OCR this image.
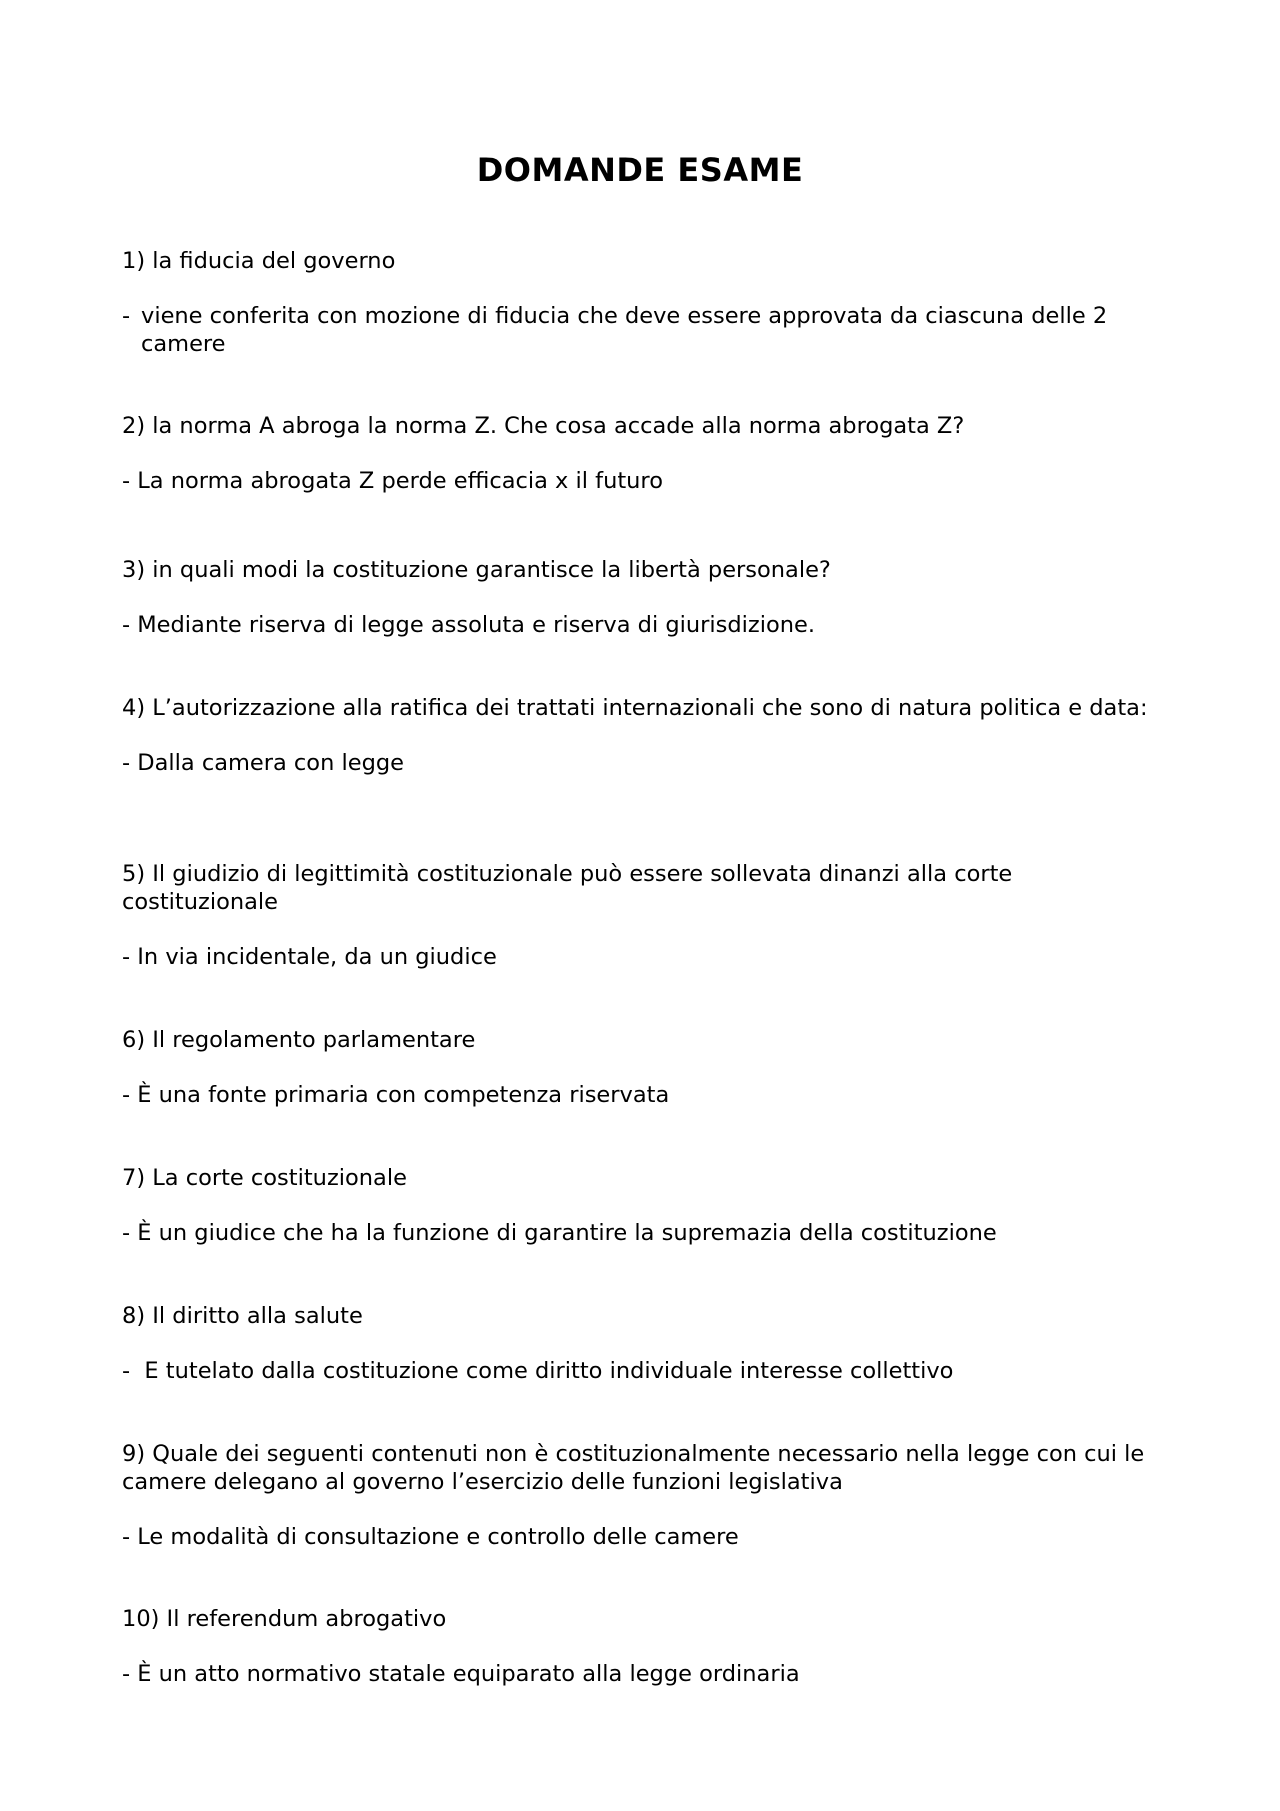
DOMANDE ESAME

1) la fiducia del governo

- viene conferita con mozione di fiducia che deve essere approvata da ciascuna delle 2 camere

2) la norma A abroga la norma Z. Che cosa accade alla norma abrogata Z?

- La norma abrogata Z perde efficacia x il futuro

3) in quali modi la costituzione garantisce la libertà personale?

- Mediante riserva di legge assoluta e riserva di giurisdizione.

4) L’autorizzazione alla ratifica dei trattati internazionali che sono di natura politica e data:

- Dalla camera con legge

5) Il giudizio di legittimità costituzionale può essere sollevata dinanzi alla corte costituzionale

- In via incidentale, da un giudice

6) Il regolamento parlamentare

- È una fonte primaria con competenza riservata

7) La corte costituzionale

- È un giudice che ha la funzione di garantire la supremazia della costituzione

8) Il diritto alla salute

-  E tutelato dalla costituzione come diritto individuale interesse collettivo

9) Quale dei seguenti contenuti non è costituzionalmente necessario nella legge con cui le camere delegano al governo l’esercizio delle funzioni legislativa

- Le modalità di consultazione e controllo delle camere

10) Il referendum abrogativo

- È un atto normativo statale equiparato alla legge ordinaria
